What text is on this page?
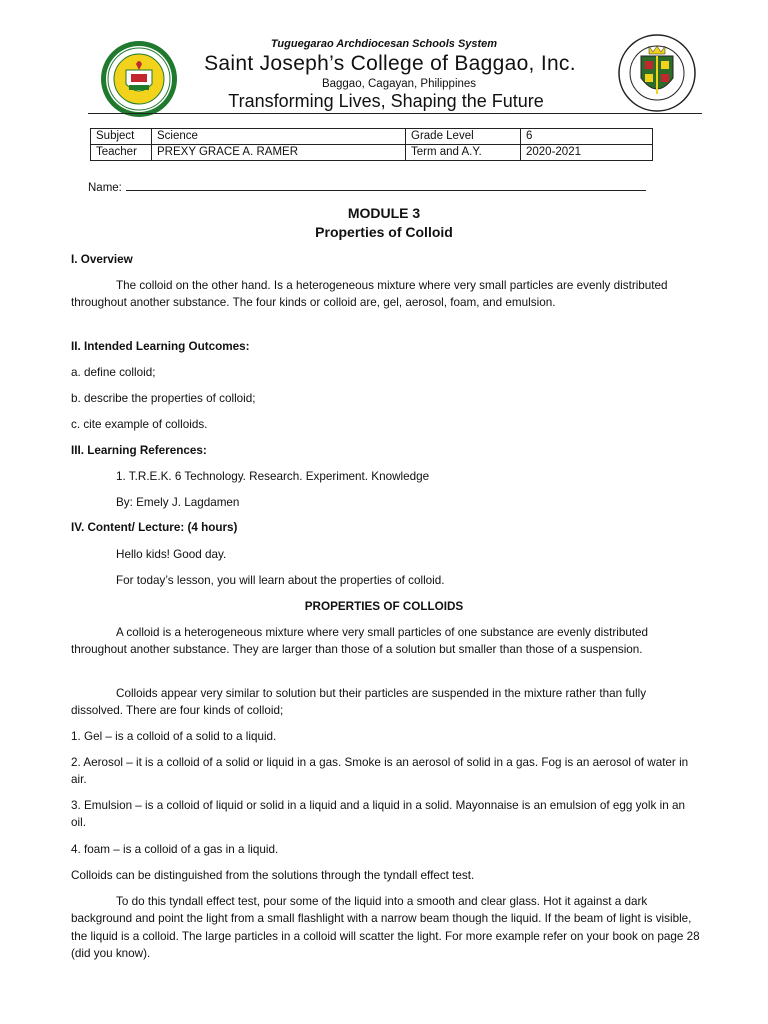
Tuguegarao Archdiocesan Schools System
Saint Joseph’s College of Baggao, Inc.
Baggao, Cagayan, Philippines
Transforming Lives, Shaping the Future
Subject	Science	Grade Level	6
Teacher	PREXY GRACE A. RAMER	Term and A.Y.	2020-2021
Name:
MODULE 3
Properties of Colloid

I. Overview

The colloid on the other hand. Is a heterogeneous mixture where very small particles are evenly distributed throughout another substance. The four kinds or colloid are, gel, aerosol, foam, and emulsion.

II. Intended Learning Outcomes:

a. define colloid;

b. describe the properties of colloid;

c. cite example of colloids.

III. Learning References:

1. T.R.E.K. 6 Technology. Research. Experiment. Knowledge

By: Emely J. Lagdamen

IV. Content/ Lecture: (4 hours)

Hello kids! Good day.

For today’s lesson, you will learn about the properties of colloid.

PROPERTIES OF COLLOIDS

A colloid is a heterogeneous mixture where very small particles of one substance are evenly distributed throughout another substance. They are larger than those of a solution but smaller than those of a suspension.

Colloids appear very similar to solution but their particles are suspended in the mixture rather than fully dissolved. There are four kinds of colloid;

1. Gel – is a colloid of a solid to a liquid.

2. Aerosol – it is a colloid of a solid or liquid in a gas. Smoke is an aerosol of solid in a gas. Fog is an aerosol of water in air.

3. Emulsion – is a colloid of liquid or solid in a liquid and a liquid in a solid. Mayonnaise is an emulsion of egg yolk in an oil.

4. foam – is a colloid of a gas in a liquid.

Colloids can be distinguished from the solutions through the tyndall effect test.

To do this tyndall effect test, pour some of the liquid into a smooth and clear glass. Hot it against a dark background and point the light from a small flashlight with a narrow beam though the liquid. If the beam of light is visible, the liquid is a colloid. The large particles in a colloid will scatter the light. For more example refer on your book on page 28 (did you know).
